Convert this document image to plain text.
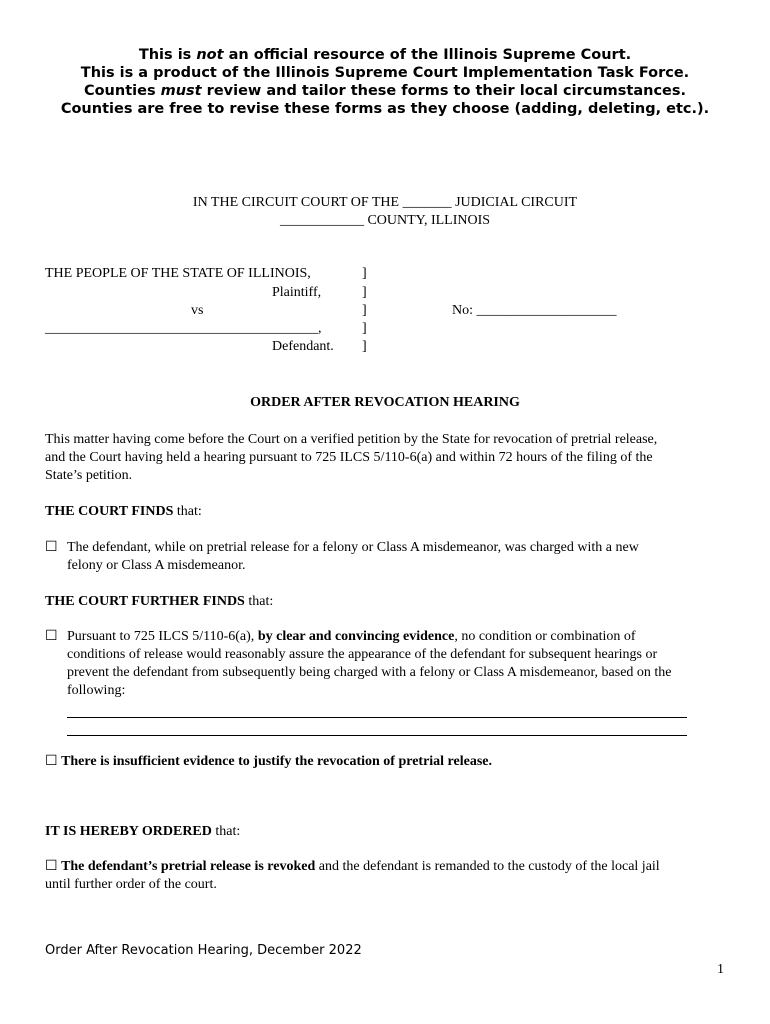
This is not an official resource of the Illinois Supreme Court.
This is a product of the Illinois Supreme Court Implementation Task Force.
Counties must review and tailor these forms to their local circumstances.
Counties are free to revise these forms as they choose (adding, deleting, etc.).
IN THE CIRCUIT COURT OF THE _______ JUDICIAL CIRCUIT
____________ COUNTY, ILLINOIS
THE PEOPLE OF THE STATE OF ILLINOIS,
Plaintiff,
vs
_______________________________________,
Defendant.
]
]
]
]
]
No: ____________________
ORDER AFTER REVOCATION HEARING
This matter having come before the Court on a verified petition by the State for revocation of pretrial release,
and the Court having held a hearing pursuant to 725 ILCS 5/110-6(a) and within 72 hours of the filing of the
State’s petition.
THE COURT FINDS that:
☐ The defendant, while on pretrial release for a felony or Class A misdemeanor, was charged with a new
felony or Class A misdemeanor.
THE COURT FURTHER FINDS that:
☐ Pursuant to 725 ILCS 5/110-6(a), by clear and convincing evidence, no condition or combination of
conditions of release would reasonably assure the appearance of the defendant for subsequent hearings or
prevent the defendant from subsequently being charged with a felony or Class A misdemeanor, based on the
following:
☐ There is insufficient evidence to justify the revocation of pretrial release.
IT IS HEREBY ORDERED that:
☐ The defendant’s pretrial release is revoked and the defendant is remanded to the custody of the local jail
until further order of the court.
Order After Revocation Hearing, December 2022
1
